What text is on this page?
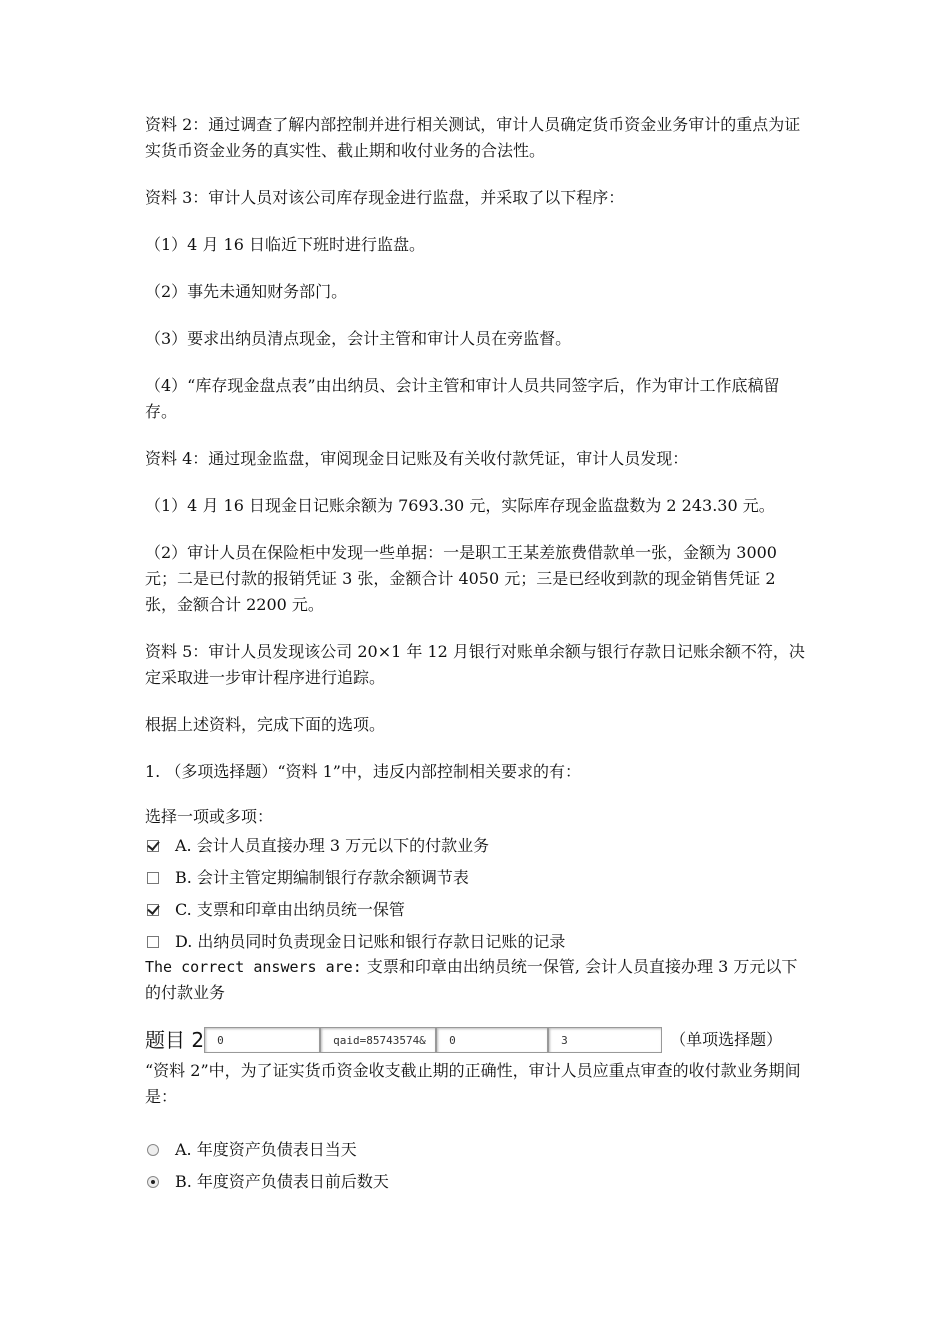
资料 2：通过调查了解内部控制并进行相关测试，审计人员确定货币资金业务审计的重点为证实货币资金业务的真实性、截止期和收付业务的合法性。

资料 3：审计人员对该公司库存现金进行监盘，并采取了以下程序：

（1）4 月 16 日临近下班时进行监盘。

（2）事先未通知财务部门。

（3）要求出纳员清点现金，会计主管和审计人员在旁监督。

（4）“库存现金盘点表”由出纳员、会计主管和审计人员共同签字后，作为审计工作底稿留存。

资料 4：通过现金监盘，审阅现金日记账及有关收付款凭证，审计人员发现：

（1）4 月 16 日现金日记账余额为 7693.30 元，实际库存现金监盘数为 2 243.30 元。

（2）审计人员在保险柜中发现一些单据：一是职工王某差旅费借款单一张，金额为 3000 元；二是已付款的报销凭证 3 张，金额合计 4050 元；三是已经收到款的现金销售凭证 2 张，金额合计 2200 元。

资料 5：审计人员发现该公司 20×1 年 12 月银行对账单余额与银行存款日记账余额不符，决定采取进一步审计程序进行追踪。

根据上述资料，完成下面的选项。

1. （多项选择题）“资料 1”中，违反内部控制相关要求的有：

选择一项或多项：
A. 会计人员直接办理 3 万元以下的付款业务
B. 会计主管定期编制银行存款余额调节表
C. 支票和印章由出纳员统一保管
D. 出纳员同时负责现金日记账和银行存款日记账的记录
The correct answers are: 支票和印章由出纳员统一保管, 会计人员直接办理 3 万元以下的付款业务
题目 2	0	qaid=85743574&	0	3	（单项选择题）

“资料 2”中，为了证实货币资金收支截止期的正确性，审计人员应重点审查的收付款业务期间是：

A. 年度资产负债表日当天
B. 年度资产负债表日前后数天
